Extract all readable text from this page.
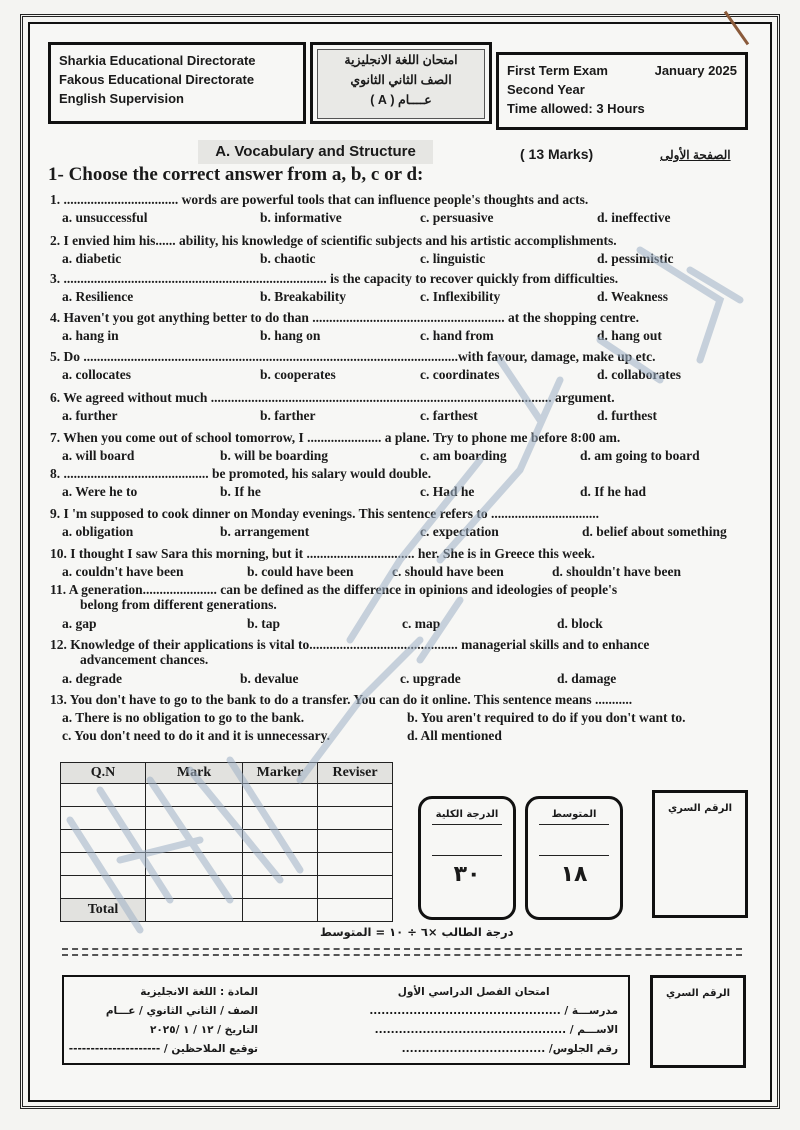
Sharkia Educational Directorate
Fakous Educational Directorate
English Supervision
امتحان اللغة الانجليزية
الصف الثاني الثانوي
عــــام ( A )
First Term Exam	January 2025
Second Year
Time allowed: 3 Hours
A. Vocabulary and Structure	( 13 Marks)	الصفحة الأولى
1- Choose the correct answer from a, b, c or d:
1. .................................. words are powerful tools that can influence people's thoughts and acts.
a. unsuccessful	b. informative	c. persuasive	d. ineffective
2. I envied him his...... ability, his knowledge of scientific subjects and his artistic accomplishments.
a. diabetic	b. chaotic	c. linguistic	d. pessimistic
3. .............................................................................. is the capacity to recover quickly from difficulties.
a. Resilience	b. Breakability	c. Inflexibility	d. Weakness
4. Haven't you got anything better to do than ......................................................... at the shopping centre.
a. hang in	b. hang on	c. hand from	d. hang out
5. Do ...............................................................................................................with favour, damage, make up etc.
a. collocates	b. cooperates	c. coordinates	d. collaborates
6. We agreed without much ..................................................................................................... argument.
a. further	b. farther	c. farthest	d. furthest
7. When you come out of school tomorrow, I ...................... a plane. Try to phone me before 8:00 am.
a. will board	b. will be boarding	c. am boarding	d. am going to board
8. ........................................... be promoted, his salary would double.
a. Were he to	b. If he	c. Had he	d. If he had
9. I 'm supposed to cook dinner on Monday evenings. This sentence refers to ................................
a. obligation	b. arrangement	c. expectation	d. belief about something
10. I thought I saw Sara this morning, but it ................................ her. She is in Greece this week.
a. couldn't have been	b. could have been	c. should have been	d. shouldn't have been
11. A generation...................... can be defined as the difference in opinions and ideologies of people's
belong from different generations.
a. gap	b. tap	c. map	d. block
12. Knowledge of their applications is vital to............................................ managerial skills and to enhance
advancement chances.
a. degrade	b. devalue	c. upgrade	d. damage
13. You don't have to go to the bank to do a transfer. You can do it online. This sentence means ...........
a. There is no obligation to go to the bank.	b. You aren't required to do if you don't want to.
c. You don't need to do it and it is unnecessary.	d. All mentioned
Q.N	Mark	Marker	Reviser

Total			
الدرجة الكلية
٣٠
المتوسط
١٨
الرقم السري
درجة الطالب ×٦ ÷ ١٠ = المتوسط
امتحان الفصل الدراسي الأول
مدرســـة / ................................................
الاســـم / ................................................
رقم الجلوس/ ....................................
المادة : اللغة الانجليزية
الصف / الثاني الثانوي / عـــام
التاريخ / ١٢ / ١ /٢٠٢٥
توقيع الملاحظين / ---------------------
الرقم السري
